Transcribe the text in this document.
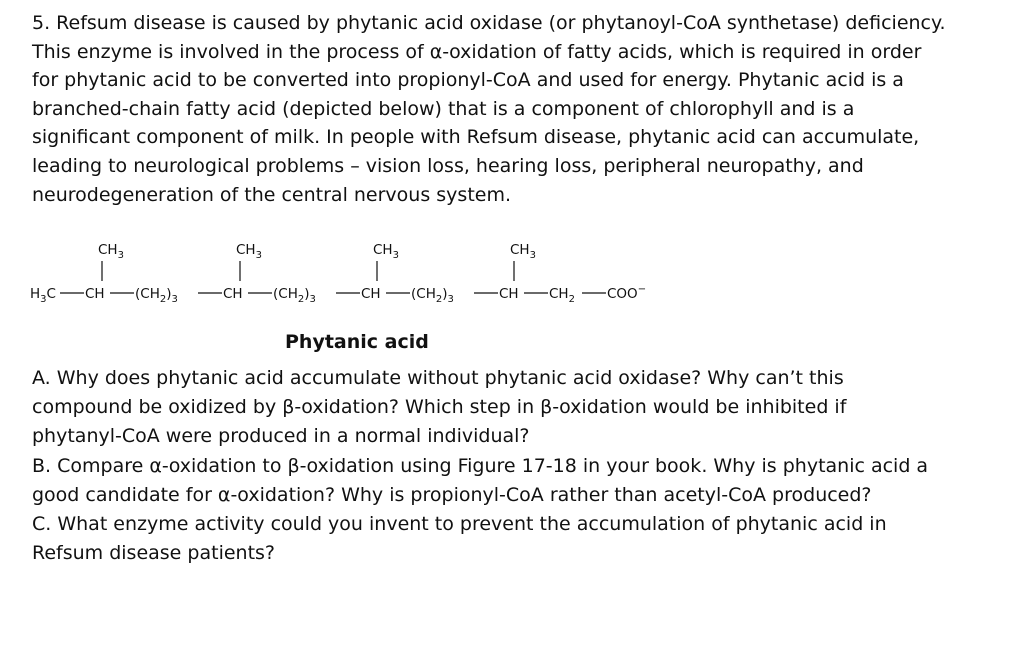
5. Refsum disease is caused by phytanic acid oxidase (or phytanoyl-CoA synthetase) deficiency.
This enzyme is involved in the process of α-oxidation of fatty acids, which is required in order
for phytanic acid to be converted into propionyl-CoA and used for energy. Phytanic acid is a
branched-chain fatty acid (depicted below) that is a component of chlorophyll and is a
significant component of milk. In people with Refsum disease, phytanic acid can accumulate,
leading to neurological problems – vision loss, hearing loss, peripheral neuropathy, and
neurodegeneration of the central nervous system.
$CH_3$	$CH_3$	$CH_3$	$CH_3$
$H_3C$ CH $(CH_2)_3$	CH $(CH_2)_3$	CH $(CH_2)_3$	CH $CH_2$ COO−
Phytanic acid
A. Why does phytanic acid accumulate without phytanic acid oxidase? Why can’t this
compound be oxidized by β-oxidation? Which step in β-oxidation would be inhibited if
phytanyl-CoA were produced in a normal individual?
B. Compare α-oxidation to β-oxidation using Figure 17-18 in your book. Why is phytanic acid a
good candidate for α-oxidation? Why is propionyl-CoA rather than acetyl-CoA produced?
C. What enzyme activity could you invent to prevent the accumulation of phytanic acid in
Refsum disease patients?
